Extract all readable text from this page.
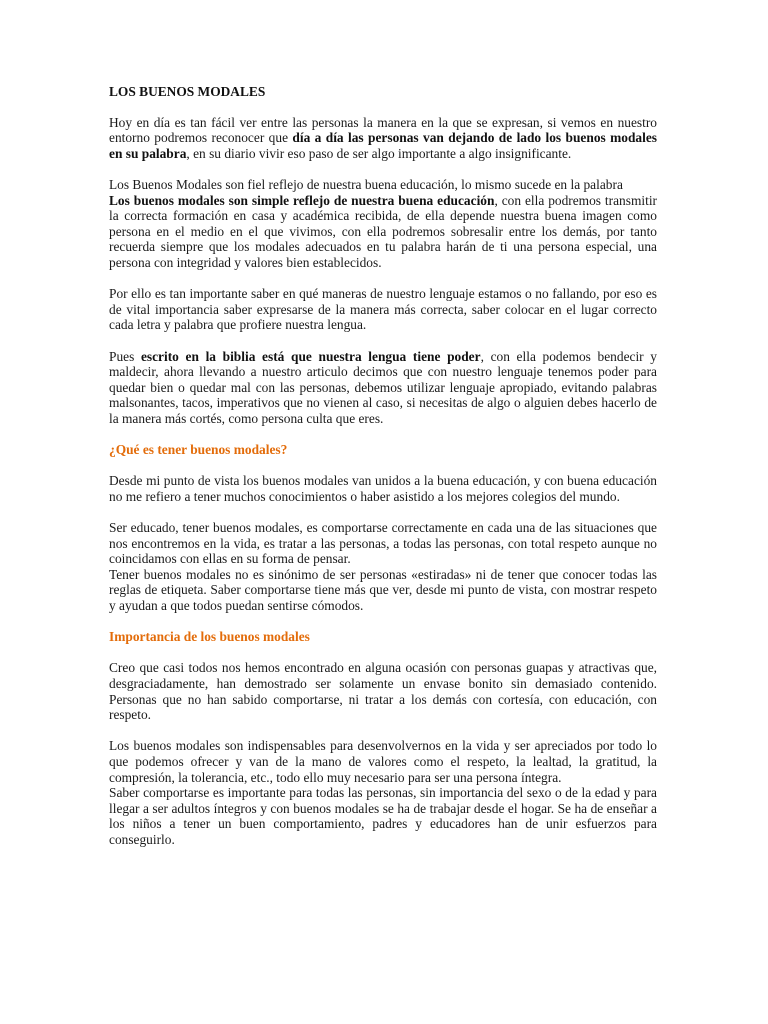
LOS BUENOS MODALES

Hoy en día es tan fácil ver entre las personas la manera en la que se expresan, si vemos en nuestro entorno podremos reconocer que día a día las personas van dejando de lado los buenos modales en su palabra, en su diario vivir eso paso de ser algo importante a algo insignificante.

Los Buenos Modales son fiel reflejo de nuestra buena educación, lo mismo sucede en la palabra
Los buenos modales son simple reflejo de nuestra buena educación, con ella podremos transmitir la correcta formación en casa y académica recibida, de ella depende nuestra buena imagen como persona en el medio en el que vivimos, con ella podremos sobresalir entre los demás, por tanto recuerda siempre que los modales adecuados en tu palabra harán de ti una persona especial, una persona con integridad y valores bien establecidos.

Por ello es tan importante saber en qué maneras de nuestro lenguaje estamos o no fallando, por eso es de vital importancia saber expresarse de la manera más correcta, saber colocar en el lugar correcto cada letra y palabra que profiere nuestra lengua.

Pues escrito en la biblia está que nuestra lengua tiene poder, con ella podemos bendecir y maldecir, ahora llevando a nuestro articulo decimos que con nuestro lenguaje tenemos poder para quedar bien o quedar mal con las personas, debemos utilizar lenguaje apropiado, evitando palabras malsonantes, tacos, imperativos que no vienen al caso, si necesitas de algo o alguien debes hacerlo de la manera más cortés, como persona culta que eres.

¿Qué es tener buenos modales?

Desde mi punto de vista los buenos modales van unidos a la buena educación, y con buena educación no me refiero a tener muchos conocimientos o haber asistido a los mejores colegios del mundo.

Ser educado, tener buenos modales, es comportarse correctamente en cada una de las situaciones que nos encontremos en la vida, es tratar a las personas, a todas las personas, con total respeto aunque no coincidamos con ellas en su forma de pensar.

Tener buenos modales no es sinónimo de ser personas «estiradas» ni de tener que conocer todas las reglas de etiqueta. Saber comportarse tiene más que ver, desde mi punto de vista, con mostrar respeto y ayudan a que todos puedan sentirse cómodos.

Importancia de los buenos modales

Creo que casi todos nos hemos encontrado en alguna ocasión con personas guapas y atractivas que, desgraciadamente, han demostrado ser solamente un envase bonito sin demasiado contenido. Personas que no han sabido comportarse, ni tratar a los demás con cortesía, con educación, con respeto.

Los buenos modales son indispensables para desenvolvernos en la vida y ser apreciados por todo lo que podemos ofrecer y van de la mano de valores como el respeto, la lealtad, la gratitud, la compresión, la tolerancia, etc., todo ello muy necesario para ser una persona íntegra.

Saber comportarse es importante para todas las personas, sin importancia del sexo o de la edad y para llegar a ser adultos íntegros y con buenos modales se ha de trabajar desde el hogar. Se ha de enseñar a los niños a tener un buen comportamiento, padres y educadores han de unir esfuerzos para conseguirlo.
